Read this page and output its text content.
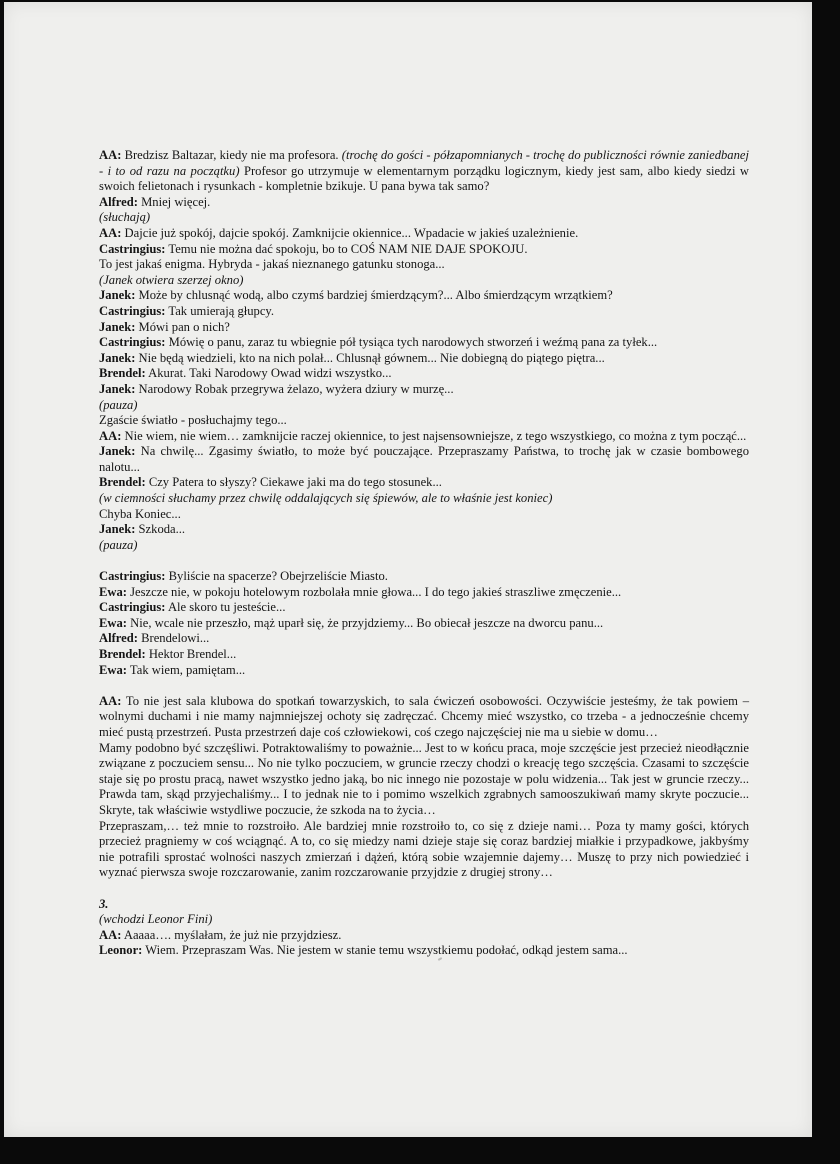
AA: Bredzisz Baltazar, kiedy nie ma profesora. (trochę do gości - półzapomnianych - trochę do publiczności równie zaniedbanej - i to od razu na początku) Profesor go utrzymuje w elementarnym porządku logicznym, kiedy jest sam, albo kiedy siedzi w swoich felietonach i rysunkach - kompletnie bzikuje. U pana bywa tak samo?

Alfred: Mniej więcej.

(słuchają)

AA: Dajcie już spokój, dajcie spokój. Zamknijcie okiennice... Wpadacie w jakieś uzależnienie.

Castringius: Temu nie można dać spokoju, bo to COŚ NAM NIE DAJE SPOKOJU.

To jest jakaś enigma. Hybryda - jakaś nieznanego gatunku stonoga...

(Janek otwiera szerzej okno)

Janek: Może by chlusnąć wodą, albo czymś bardziej śmierdzącym?... Albo śmierdzącym wrzątkiem?

Castringius: Tak umierają głupcy.

Janek: Mówi pan o nich?

Castringius: Mówię o panu, zaraz tu wbiegnie pół tysiąca tych narodowych stworzeń i weźmą pana za tyłek...

Janek: Nie będą wiedzieli, kto na nich polał... Chlusnął gównem... Nie dobiegną do piątego piętra...

Brendel: Akurat. Taki Narodowy Owad widzi wszystko...

Janek: Narodowy Robak przegrywa żelazo, wyżera dziury w murzę...

(pauza)

Zgaście światło - posłuchajmy tego...

AA: Nie wiem, nie wiem… zamknijcie raczej okiennice, to jest najsensowniejsze, z tego wszystkiego, co można z tym począć...

Janek: Na chwilę... Zgasimy światło, to może być pouczające. Przepraszamy Państwa, to trochę jak w czasie bombowego nalotu...

Brendel: Czy Patera to słyszy? Ciekawe jaki ma do tego stosunek...

(w ciemności słuchamy przez chwilę oddalających się śpiewów, ale to właśnie jest koniec)

Chyba Koniec...

Janek: Szkoda...

(pauza)

Castringius: Byliście na spacerze? Obejrzeliście Miasto.

Ewa: Jeszcze nie, w pokoju hotelowym rozbolała mnie głowa... I do tego jakieś straszliwe zmęczenie...

Castringius: Ale skoro tu jesteście...

Ewa: Nie, wcale nie przeszło, mąż uparł się, że przyjdziemy... Bo obiecał jeszcze na dworcu panu...

Alfred: Brendelowi...

Brendel: Hektor Brendel...

Ewa: Tak wiem, pamiętam...

AA: To nie jest sala klubowa do spotkań towarzyskich, to sala ćwiczeń osobowości. Oczywiście jesteśmy, że tak powiem – wolnymi duchami i nie mamy najmniejszej ochoty się zadręczać. Chcemy mieć wszystko, co trzeba - a jednocześnie chcemy mieć pustą przestrzeń. Pusta przestrzeń daje coś człowiekowi, coś czego najczęściej nie ma u siebie w domu…

Mamy podobno być szczęśliwi. Potraktowaliśmy to poważnie... Jest to w końcu praca, moje szczęście jest przecież nieodłącznie związane z poczuciem sensu... No nie tylko poczuciem, w gruncie rzeczy chodzi o kreację tego szczęścia. Czasami to szczęście staje się po prostu pracą, nawet wszystko jedno jaką, bo nic innego nie pozostaje w polu widzenia... Tak jest w gruncie rzeczy... Prawda tam, skąd przyjechaliśmy... I to jednak nie to i pomimo wszelkich zgrabnych samooszukiwań mamy skryte poczucie... Skryte, tak właściwie wstydliwe poczucie, że szkoda na to życia…

Przepraszam,… też mnie to rozstroiło. Ale bardziej mnie rozstroiło to, co się z dzieje nami… Poza ty mamy gości, których przecież pragniemy w coś wciągnąć. A to, co się miedzy nami dzieje staje się coraz bardziej miałkie i przypadkowe, jakbyśmy nie potrafili sprostać wolności naszych zmierzań i dążeń, którą sobie wzajemnie dajemy… Muszę to przy nich powiedzieć i wyznać pierwsza swoje rozczarowanie, zanim rozczarowanie przyjdzie z drugiej strony…

3.

(wchodzi Leonor Fini)

AA: Aaaaa…. myślałam, że już nie przyjdziesz.

Leonor: Wiem. Przepraszam Was. Nie jestem w stanie temu wszystkiemu podołać, odkąd jestem sama...
